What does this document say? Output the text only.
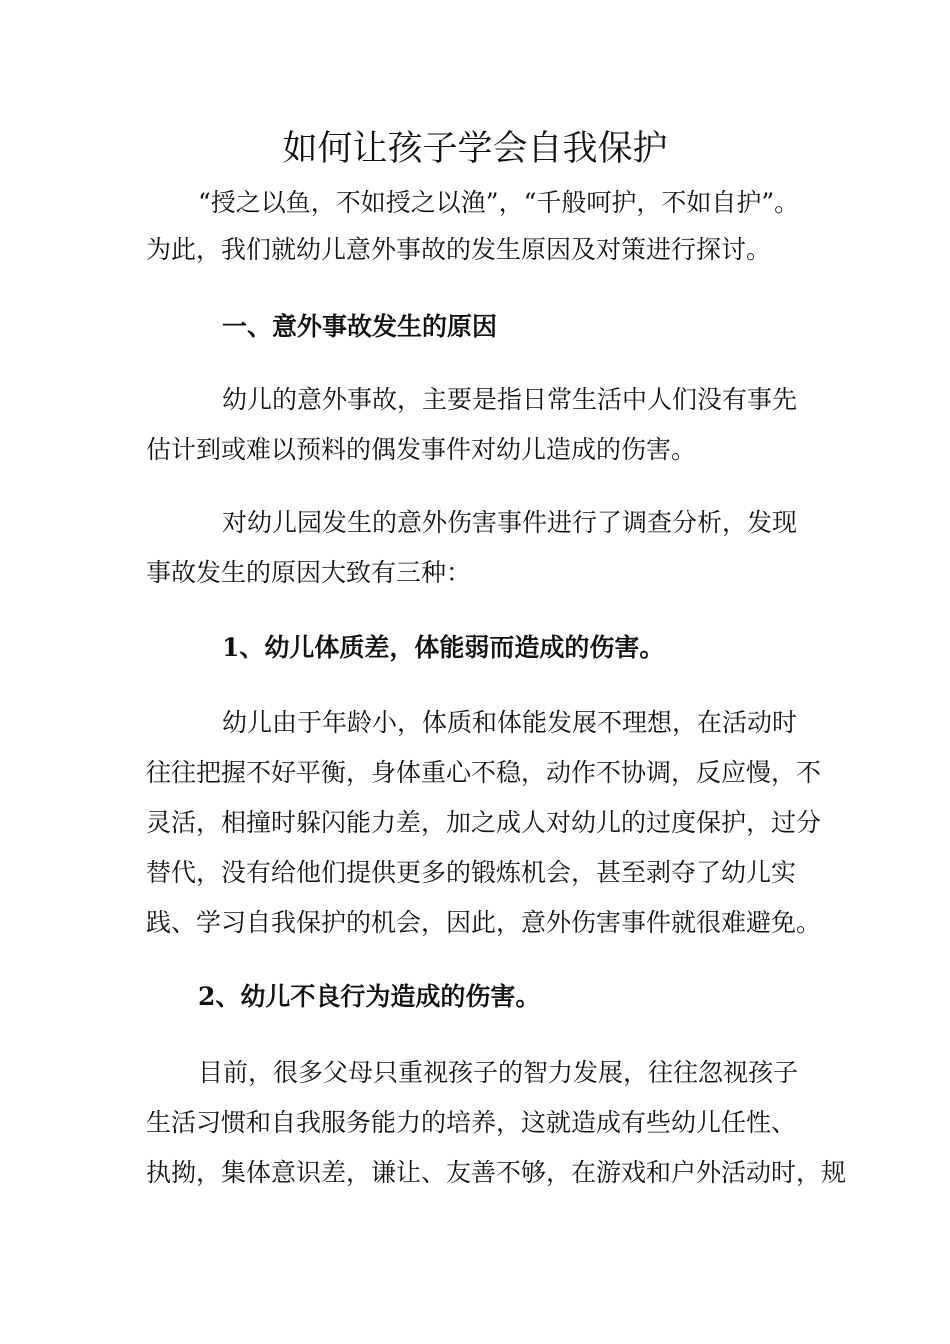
如何让孩子学会自我保护

“授之以鱼，不如授之以渔”，“千般呵护，不如自护”。

为此，我们就幼儿意外事故的发生原因及对策进行探讨。

一、意外事故发生的原因

幼儿的意外事故，主要是指日常生活中人们没有事先

估计到或难以预料的偶发事件对幼儿造成的伤害。

对幼儿园发生的意外伤害事件进行了调查分析，发现

事故发生的原因大致有三种：

1、幼儿体质差，体能弱而造成的伤害。

幼儿由于年龄小，体质和体能发展不理想，在活动时

往往把握不好平衡，身体重心不稳，动作不协调，反应慢，不

灵活，相撞时躲闪能力差，加之成人对幼儿的过度保护，过分

替代，没有给他们提供更多的锻炼机会，甚至剥夺了幼儿实

践、学习自我保护的机会，因此，意外伤害事件就很难避免。

2、幼儿不良行为造成的伤害。

目前，很多父母只重视孩子的智力发展，往往忽视孩子

生活习惯和自我服务能力的培养，这就造成有些幼儿任性、

执拗，集体意识差，谦让、友善不够，在游戏和户外活动时，规
